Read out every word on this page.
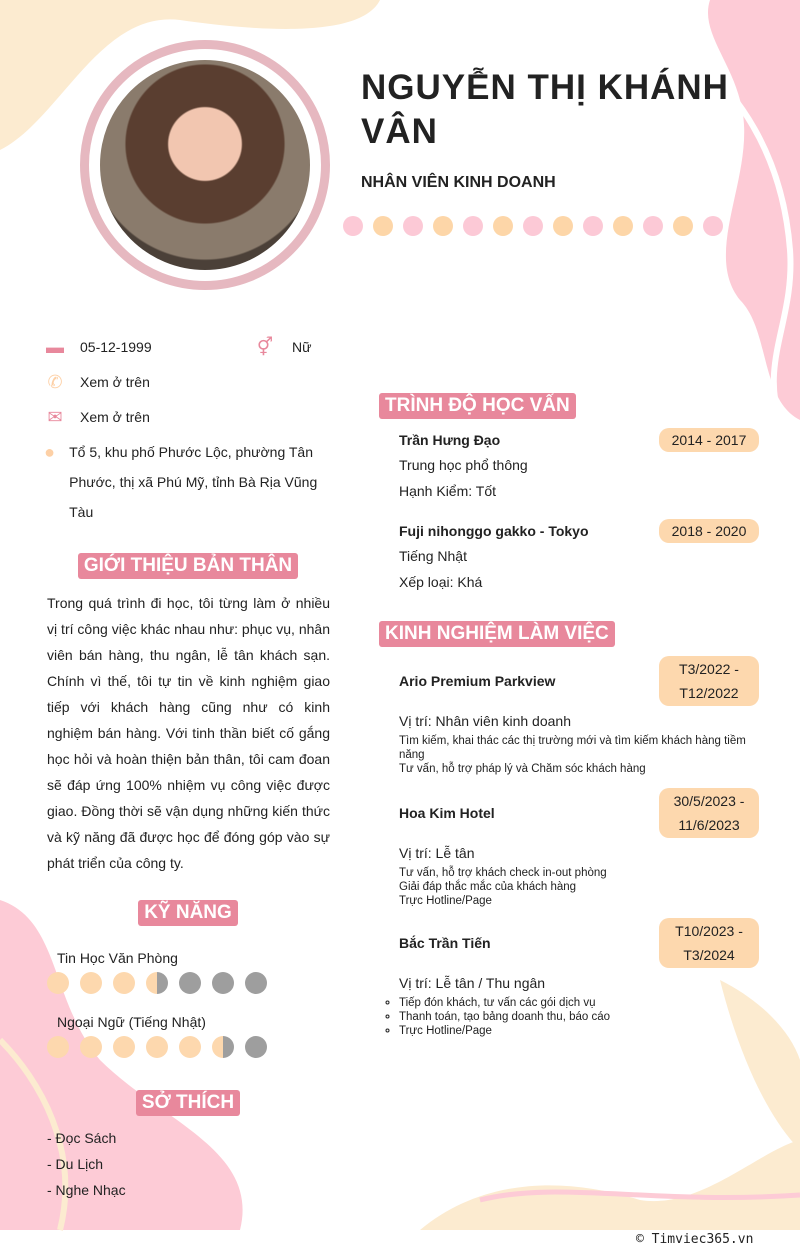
NGUYỄN THỊ KHÁNH VÂN
NHÂN VIÊN KINH DOANH
▬ 05-12-1999	⚥ Nữ
✆ Xem ở trên
✉ Xem ở trên
● Tổ 5, khu phố Phước Lộc, phường Tân Phước, thị xã Phú Mỹ, tỉnh Bà Rịa Vũng Tàu
GIỚI THIỆU BẢN THÂN
Trong quá trình đi học, tôi từng làm ở nhiều vị trí công việc khác nhau như: phục vụ, nhân viên bán hàng, thu ngân, lễ tân khách sạn. Chính vì thế, tôi tự tin về kinh nghiệm giao tiếp với khách hàng cũng như có kinh nghiệm bán hàng. Với tinh thần biết cố gắng học hỏi và hoàn thiện bản thân, tôi cam đoan sẽ đáp ứng 100% nhiệm vụ công việc được giao. Đồng thời sẽ vận dụng những kiến thức và kỹ năng đã được học để đóng góp vào sự phát triển của công ty.
KỸ NĂNG
Tin Học Văn Phòng
Ngoại Ngữ (Tiếng Nhật)
SỞ THÍCH
- Đọc Sách
- Du Lịch
- Nghe Nhạc
TRÌNH ĐỘ HỌC VẤN
Trần Hưng Đạo	2014 - 2017
Trung học phổ thông
Hạnh Kiểm: Tốt
Fuji nihonggo gakko - Tokyo	2018 - 2020
Tiếng Nhật
Xếp loại: Khá
KINH NGHIỆM LÀM VIỆC
Ario Premium Parkview
T3/2022 -
T12/2022
Vị trí: Nhân viên kinh doanh
Tìm kiếm, khai thác các thị trường mới và tìm kiếm khách hàng tiềm năng
Tư vấn, hỗ trợ pháp lý và Chăm sóc khách hàng
Hoa Kim Hotel
30/5/2023 -
11/6/2023
Vị trí: Lễ tân
Tư vấn, hỗ trợ khách check in-out phòng
Giải đáp thắc mắc của khách hàng
Trực Hotline/Page
Bắc Trần Tiến
T10/2023 -
T3/2024
Vị trí: Lễ tân / Thu ngân
◦ Tiếp đón khách, tư vấn các gói dịch vụ
◦ Thanh toán, tạo bảng doanh thu, báo cáo
◦ Trực Hotline/Page
© Timviec365.vn
